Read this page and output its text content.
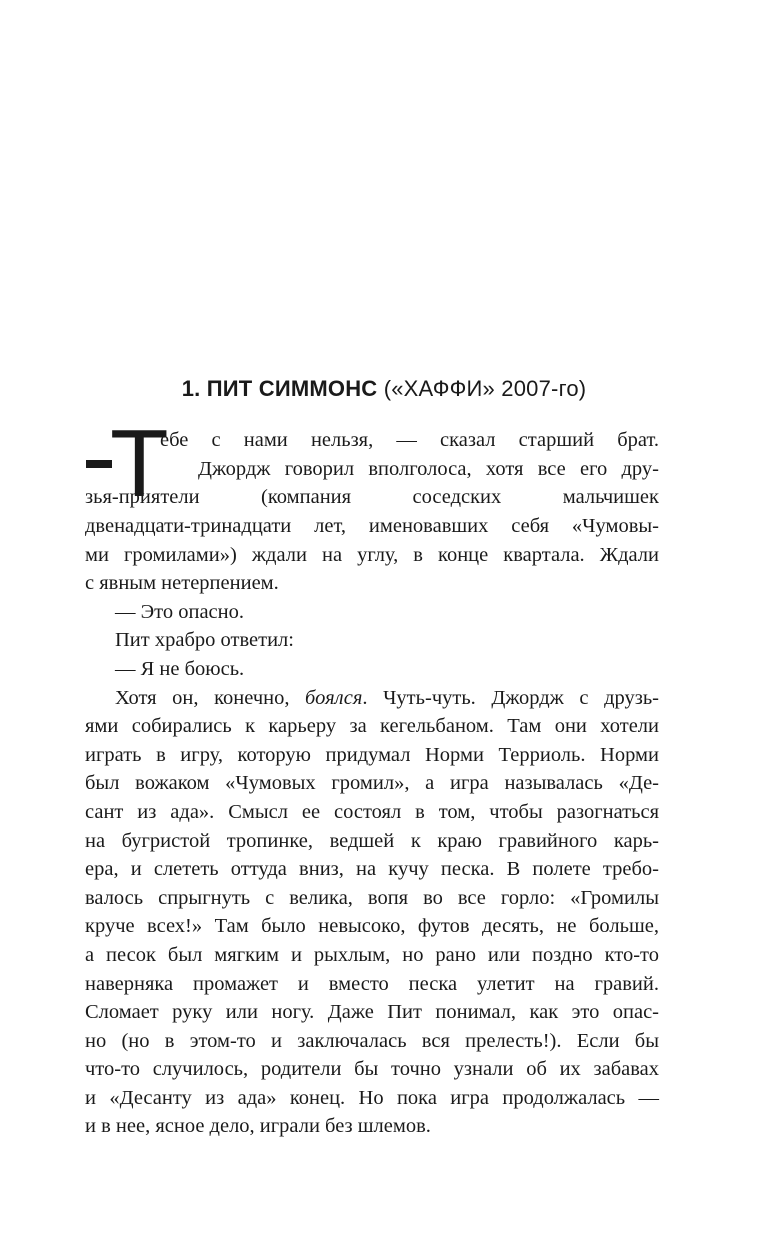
1. ПИТ СИММОНС («ХАФФИ» 2007-го)
Т
ебе с нами нельзя, — сказал старший брат.
Джордж говорил вполголоса, хотя все его дру-
зья-приятели (компания соседских мальчишек
двенадцати-тринадцати лет, именовавших себя «Чумовы-
ми громилами») ждали на углу, в конце квартала. Ждали
с явным нетерпением.
— Это опасно.
Пит храбро ответил:
— Я не боюсь.
Хотя он, конечно, боялся. Чуть-чуть. Джордж с друзь-
ями собирались к карьеру за кегельбаном. Там они хотели
играть в игру, которую придумал Норми Терриоль. Норми
был вожаком «Чумовых громил», а игра называлась «Де-
сант из ада». Смысл ее состоял в том, чтобы разогнаться
на бугристой тропинке, ведшей к краю гравийного карь-
ера, и слететь оттуда вниз, на кучу песка. В полете требо-
валось спрыгнуть с велика, вопя во все горло: «Громилы
круче всех!» Там было невысоко, футов десять, не больше,
а песок был мягким и рыхлым, но рано или поздно кто-то
наверняка промажет и вместо песка улетит на гравий.
Сломает руку или ногу. Даже Пит понимал, как это опас-
но (но в этом-то и заключалась вся прелесть!). Если бы
что-то случилось, родители бы точно узнали об их забавах
и «Десанту из ада» конец. Но пока игра продолжалась —
и в нее, ясное дело, играли без шлемов.
